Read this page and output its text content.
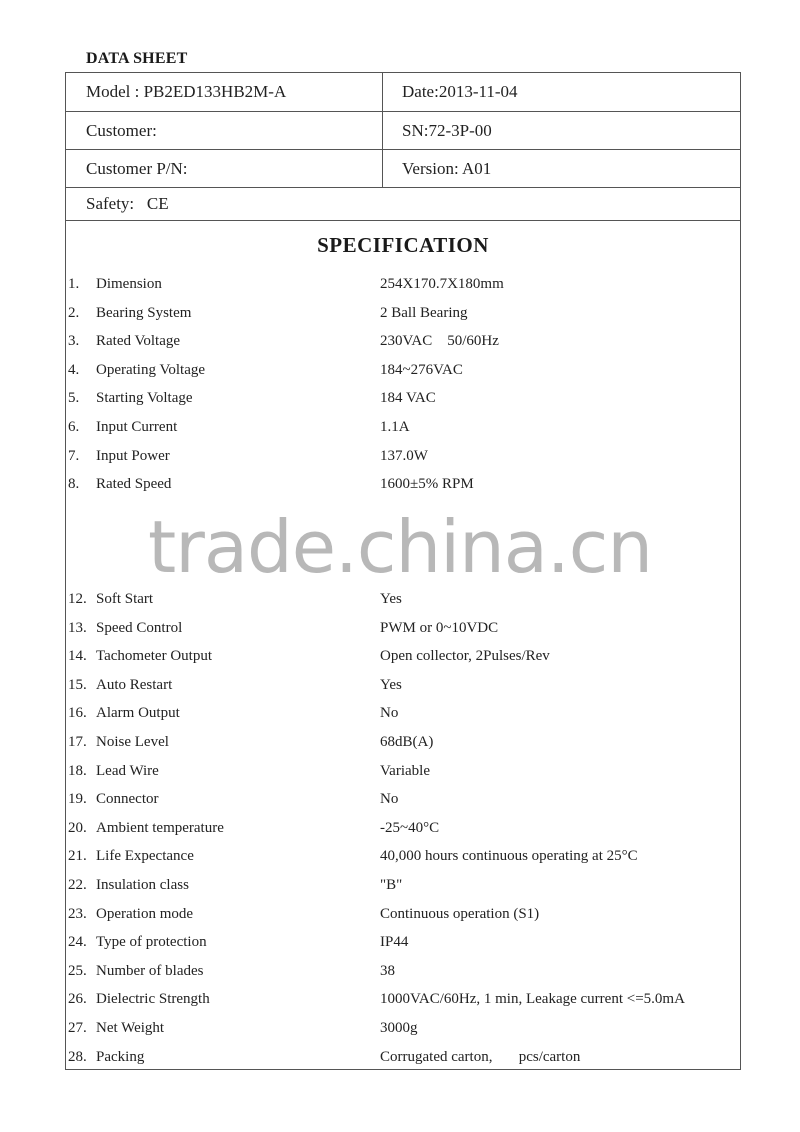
DATA SHEET
Model : PB2ED133HB2M-A	Date:2013-11-04
Customer:	SN:72-3P-00
Customer P/N:	Version: A01
Safety:   CE
SPECIFICATION
1. Dimension	254X170.7X180mm
2. Bearing System	2 Ball Bearing
3. Rated Voltage	230VAC    50/60Hz
4. Operating Voltage	184~276VAC
5. Starting Voltage	184 VAC
6. Input Current	1.1A
7. Input Power	137.0W
8. Rated Speed	1600±5% RPM
12. Soft Start	Yes
13. Speed Control	PWM or 0~10VDC
14. Tachometer Output	Open collector, 2Pulses/Rev
15. Auto Restart	Yes
16. Alarm Output	No
17. Noise Level	68dB(A)
18. Lead Wire	Variable
19. Connector	No
20. Ambient temperature	-25~40°C
21. Life Expectance	40,000 hours continuous operating at 25°C
22. Insulation class	"B"
23. Operation mode	Continuous operation (S1)
24. Type of protection	IP44
25. Number of blades	38
26. Dielectric Strength	1000VAC/60Hz, 1 min, Leakage current <=5.0mA
27. Net Weight	3000g
28. Packing	Corrugated carton,       pcs/carton
trade.china.cn
